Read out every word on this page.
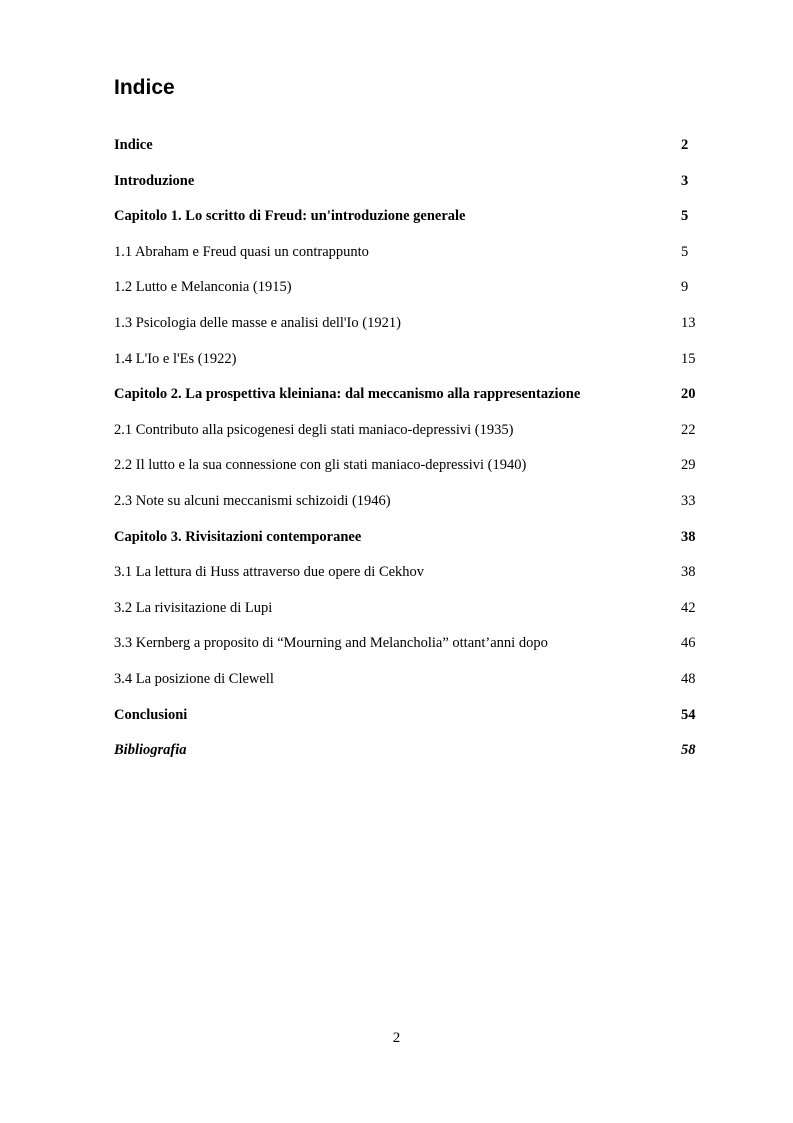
Indice
Indice	2
Introduzione	3
Capitolo 1. Lo scritto di Freud: un'introduzione generale	5
1.1 Abraham e Freud quasi un contrappunto	5
1.2 Lutto e Melanconia (1915)	9
1.3 Psicologia delle masse e analisi dell'Io (1921)	13
1.4 L'Io e l'Es (1922)	15
Capitolo 2. La prospettiva kleiniana: dal meccanismo alla rappresentazione	20
2.1 Contributo alla psicogenesi degli stati maniaco-depressivi (1935)	22
2.2 Il lutto e la sua connessione con gli stati maniaco-depressivi (1940)	29
2.3 Note su alcuni meccanismi schizoidi (1946)	33
Capitolo 3. Rivisitazioni contemporanee	38
3.1 La lettura di Huss attraverso due opere di Cekhov	38
3.2 La rivisitazione di Lupi	42
3.3 Kernberg a proposito di “Mourning and Melancholia” ottant’anni dopo	46
3.4 La posizione di Clewell	48
Conclusioni	54
Bibliografia	58
2
